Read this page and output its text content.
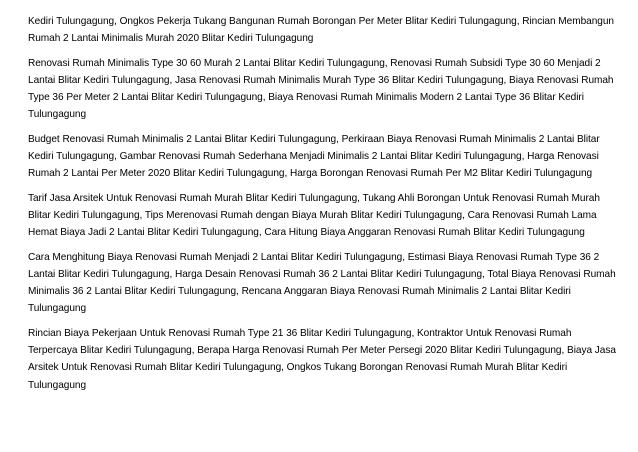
Kediri Tulungagung, Ongkos Pekerja Tukang Bangunan Rumah Borongan Per Meter Blitar Kediri Tulungagung, Rincian Membangun Rumah 2 Lantai Minimalis Murah 2020 Blitar Kediri Tulungagung

Renovasi Rumah Minimalis Type 30 60 Murah 2 Lantai Blitar Kediri Tulungagung, Renovasi Rumah Subsidi Type 30 60 Menjadi 2 Lantai Blitar Kediri Tulungagung, Jasa Renovasi Rumah Minimalis Murah Type 36 Blitar Kediri Tulungagung, Biaya Renovasi Rumah Type 36 Per Meter 2 Lantai Blitar Kediri Tulungagung, Biaya Renovasi Rumah Minimalis Modern 2 Lantai Type 36 Blitar Kediri Tulungagung

Budget Renovasi Rumah Minimalis 2 Lantai Blitar Kediri Tulungagung, Perkiraan Biaya Renovasi Rumah Minimalis 2 Lantai Blitar Kediri Tulungagung, Gambar Renovasi Rumah Sederhana Menjadi Minimalis 2 Lantai Blitar Kediri Tulungagung, Harga Renovasi Rumah 2 Lantai Per Meter 2020 Blitar Kediri Tulungagung, Harga Borongan Renovasi Rumah Per M2 Blitar Kediri Tulungagung

Tarif Jasa Arsitek Untuk Renovasi Rumah Murah Blitar Kediri Tulungagung, Tukang Ahli Borongan Untuk Renovasi Rumah Murah Blitar Kediri Tulungagung, Tips Merenovasi Rumah dengan Biaya Murah Blitar Kediri Tulungagung, Cara Renovasi Rumah Lama Hemat Biaya Jadi 2 Lantai Blitar Kediri Tulungagung, Cara Hitung Biaya Anggaran Renovasi Rumah Blitar Kediri Tulungagung

Cara Menghitung Biaya Renovasi Rumah Menjadi 2 Lantai Blitar Kediri Tulungagung, Estimasi Biaya Renovasi Rumah Type 36 2 Lantai Blitar Kediri Tulungagung, Harga Desain Renovasi Rumah 36 2 Lantai Blitar Kediri Tulungagung, Total Biaya Renovasi Rumah Minimalis 36 2 Lantai Blitar Kediri Tulungagung, Rencana Anggaran Biaya Renovasi Rumah Minimalis 2 Lantai Blitar Kediri Tulungagung

Rincian Biaya Pekerjaan Untuk Renovasi Rumah Type 21 36 Blitar Kediri Tulungagung, Kontraktor Untuk Renovasi Rumah Terpercaya Blitar Kediri Tulungagung, Berapa Harga Renovasi Rumah Per Meter Persegi 2020 Blitar Kediri Tulungagung, Biaya Jasa Arsitek Untuk Renovasi Rumah Blitar Kediri Tulungagung, Ongkos Tukang Borongan Renovasi Rumah Murah Blitar Kediri Tulungagung
